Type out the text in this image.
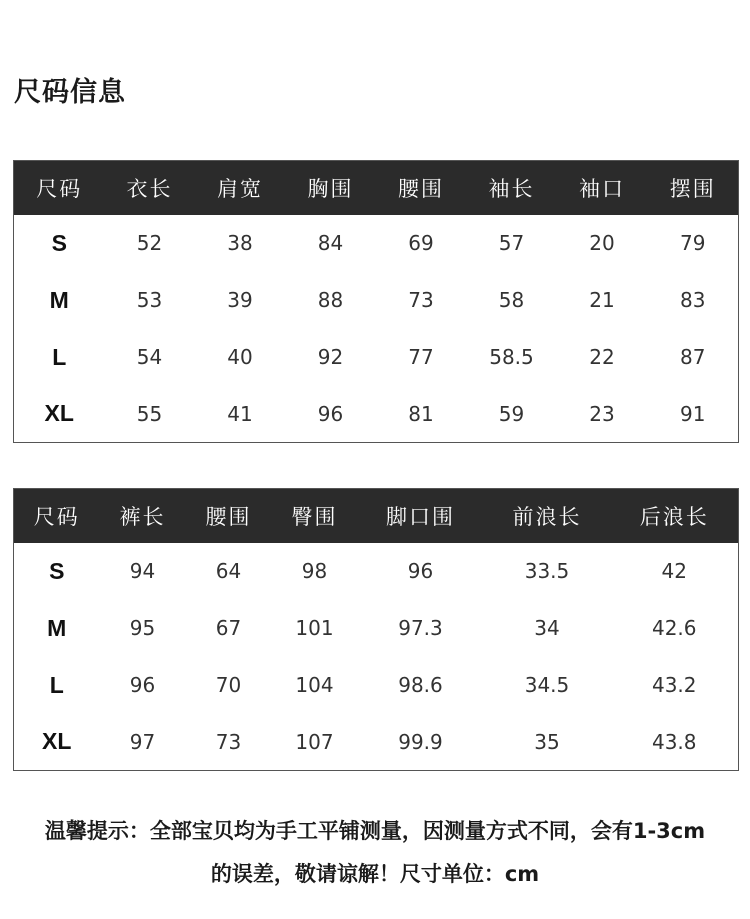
尺码信息
尺码	衣长	肩宽	胸围	腰围	袖长	袖口	摆围
S	52	38	84	69	57	20	79
M	53	39	88	73	58	21	83
L	54	40	92	77	58.5	22	87
XL	55	41	96	81	59	23	91
尺码	裤长	腰围	臀围	脚口围	前浪长	后浪长
S	94	64	98	96	33.5	42
M	95	67	101	97.3	34	42.6
L	96	70	104	98.6	34.5	43.2
XL	97	73	107	99.9	35	43.8
温馨提示：全部宝贝均为手工平铺测量，因测量方式不同，会有1-3cm
的误差，敬请谅解！尺寸单位：cm
